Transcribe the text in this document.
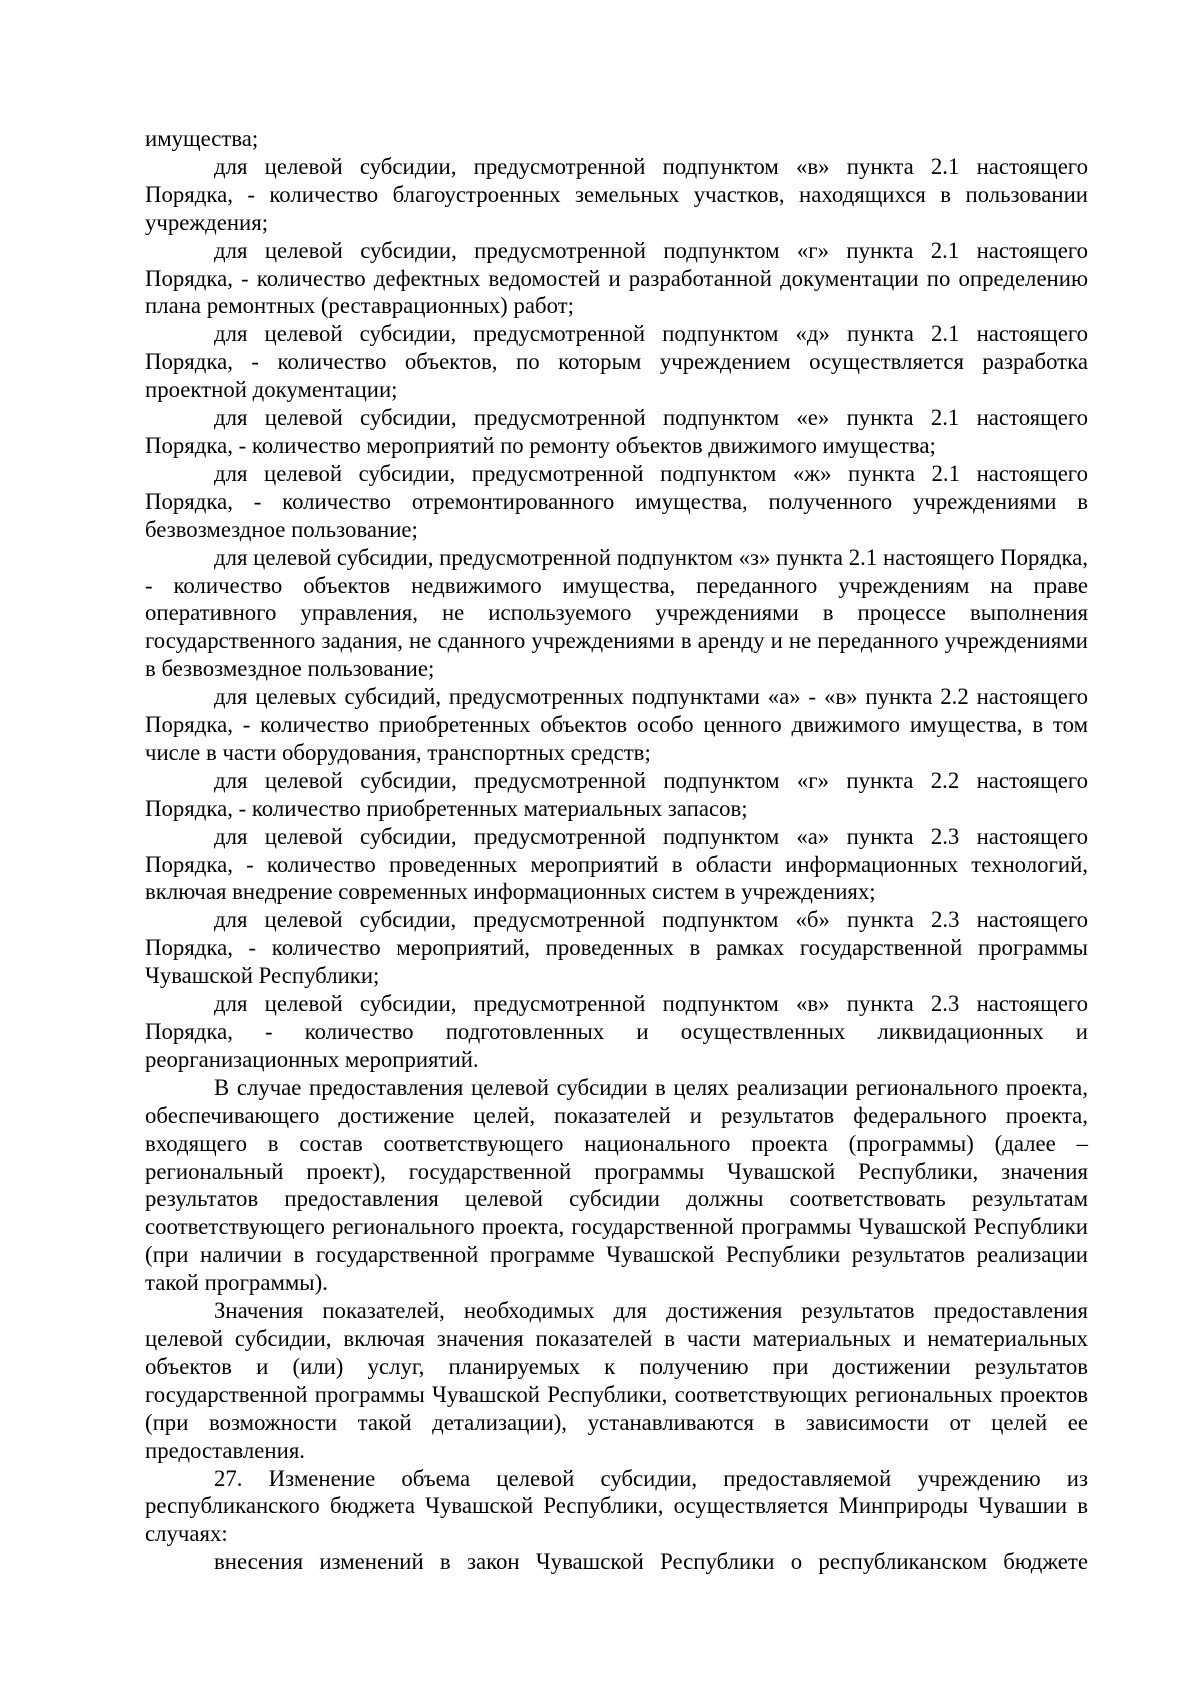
имущества;

для целевой субсидии, предусмотренной подпунктом «в» пункта 2.1 настоящего Порядка, - количество благоустроенных земельных участков, находящихся в пользовании учреждения;

для целевой субсидии, предусмотренной подпунктом «г» пункта 2.1 настоящего Порядка, - количество дефектных ведомостей и разработанной документации по определению плана ремонтных (реставрационных) работ;

для целевой субсидии, предусмотренной подпунктом «д» пункта 2.1 настоящего Порядка, - количество объектов, по которым учреждением осуществляется разработка проектной документации;

для целевой субсидии, предусмотренной подпунктом «е» пункта 2.1 настоящего Порядка, - количество мероприятий по ремонту объектов движимого имущества;

для целевой субсидии, предусмотренной подпунктом «ж» пункта 2.1 настоящего Порядка, - количество отремонтированного имущества, полученного учреждениями в безвозмездное пользование;

для целевой субсидии, предусмотренной подпунктом «з» пункта 2.1 настоящего Порядка, - количество объектов недвижимого имущества, переданного учреждениям на праве оперативного управления, не используемого учреждениями в процессе выполнения государственного задания, не сданного учреждениями в аренду и не переданного учреждениями в безвозмездное пользование;

для целевых субсидий, предусмотренных подпунктами «а» - «в» пункта 2.2 настоящего Порядка, - количество приобретенных объектов особо ценного движимого имущества, в том числе в части оборудования, транспортных средств;

для целевой субсидии, предусмотренной подпунктом «г» пункта 2.2 настоящего Порядка, - количество приобретенных материальных запасов;

для целевой субсидии, предусмотренной подпунктом «а» пункта 2.3 настоящего Порядка, - количество проведенных мероприятий в области информационных технологий, включая внедрение современных информационных систем в учреждениях;

для целевой субсидии, предусмотренной подпунктом «б» пункта 2.3 настоящего Порядка, - количество мероприятий, проведенных в рамках государственной программы Чувашской Республики;

для целевой субсидии, предусмотренной подпунктом «в» пункта 2.3 настоящего Порядка, - количество подготовленных и осуществленных ликвидационных и реорганизационных мероприятий.

В случае предоставления целевой субсидии в целях реализации регионального проекта, обеспечивающего достижение целей, показателей и результатов федерального проекта, входящего в состав соответствующего национального проекта (программы) (далее – региональный проект), государственной программы Чувашской Республики, значения результатов предоставления целевой субсидии должны соответствовать результатам соответствующего регионального проекта, государственной программы Чувашской Республики (при наличии в государственной программе Чувашской Республики результатов реализации такой программы).

Значения показателей, необходимых для достижения результатов предоставления целевой субсидии, включая значения показателей в части материальных и нематериальных объектов и (или) услуг, планируемых к получению при достижении результатов государственной программы Чувашской Республики, соответствующих региональных проектов (при возможности такой детализации), устанавливаются в зависимости от целей ее предоставления.

27. Изменение объема целевой субсидии, предоставляемой учреждению из республиканского бюджета Чувашской Республики, осуществляется Минприроды Чувашии в случаях:

внесения изменений в закон Чувашской Республики о республиканском бюджете
